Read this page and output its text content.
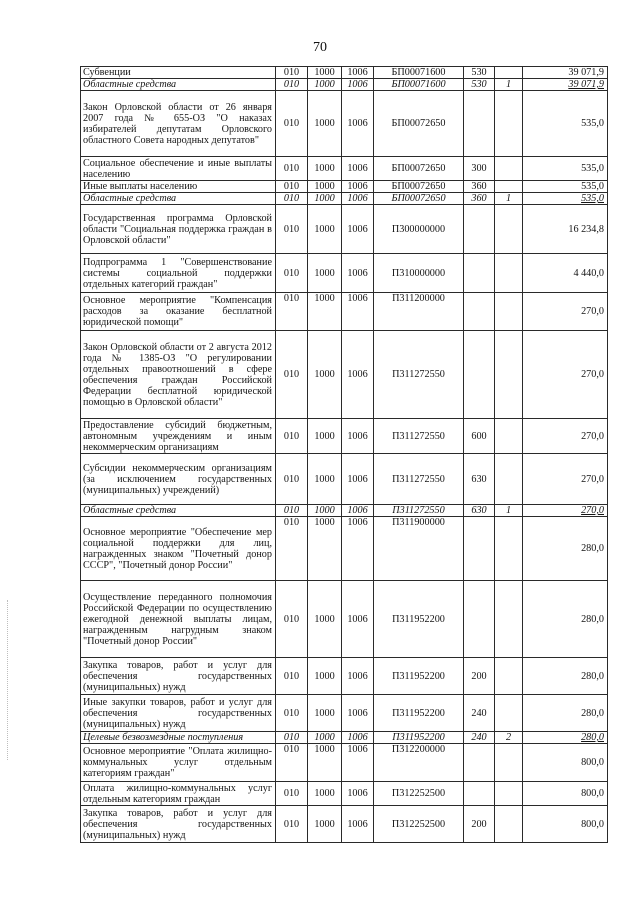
70
Субвенции	010	1000	1006	БП00071600	530		39 071,9
Областные средства	010	1000	1006	БП00071600	530	1	39 071,9
Закон Орловской области от 26 января 2007 года № 655-ОЗ "О наказах избирателей депутатам Орловского областного Совета народных депутатов"	010	1000	1006	БП00072650			535,0
Социальное обеспечение и иные выплаты населению	010	1000	1006	БП00072650	300		535,0
Иные выплаты населению	010	1000	1006	БП00072650	360		535,0
Областные средства	010	1000	1006	БП00072650	360	1	535,0
Государственная программа Орловской области "Социальная поддержка граждан в Орловской области"	010	1000	1006	П300000000			16 234,8
Подпрограмма 1 "Совершенствование системы социальной поддержки отдельных категорий граждан"	010	1000	1006	П310000000			4 440,0
Основное мероприятие "Компенсация расходов за оказание бесплатной юридической помощи"	010	1000	1006	П311200000			270,0
Закон Орловской области от 2 августа 2012 года № 1385-ОЗ "О регулировании отдельных правоотношений в сфере обеспечения граждан Российской Федерации бесплатной юридической помощью в Орловской области"	010	1000	1006	П311272550			270,0
Предоставление субсидий бюджетным, автономным учреждениям и иным некоммерческим организациям	010	1000	1006	П311272550	600		270,0
Субсидии некоммерческим организациям (за исключением государственных (муниципальных) учреждений)	010	1000	1006	П311272550	630		270,0
Областные средства	010	1000	1006	П311272550	630	1	270,0
Основное мероприятие "Обеспечение мер социальной поддержки для лиц, награжденных знаком "Почетный донор СССР", "Почетный донор России"	010	1000	1006	П311900000			280,0
Осуществление переданного полномочия Российской Федерации по осуществлению ежегодной денежной выплаты лицам, награжденным нагрудным знаком "Почетный донор России"	010	1000	1006	П311952200			280,0
Закупка товаров, работ и услуг для обеспечения государственных (муниципальных) нужд	010	1000	1006	П311952200	200		280,0
Иные закупки товаров, работ и услуг для обеспечения государственных (муниципальных) нужд	010	1000	1006	П311952200	240		280,0
Целевые безвозмездные поступления	010	1000	1006	П311952200	240	2	280,0
Основное мероприятие "Оплата жилищно-коммунальных услуг отдельным категориям граждан"	010	1000	1006	П312200000			800,0
Оплата жилищно-коммунальных услуг отдельным категориям граждан	010	1000	1006	П312252500			800,0
Закупка товаров, работ и услуг для обеспечения государственных (муниципальных) нужд	010	1000	1006	П312252500	200		800,0
